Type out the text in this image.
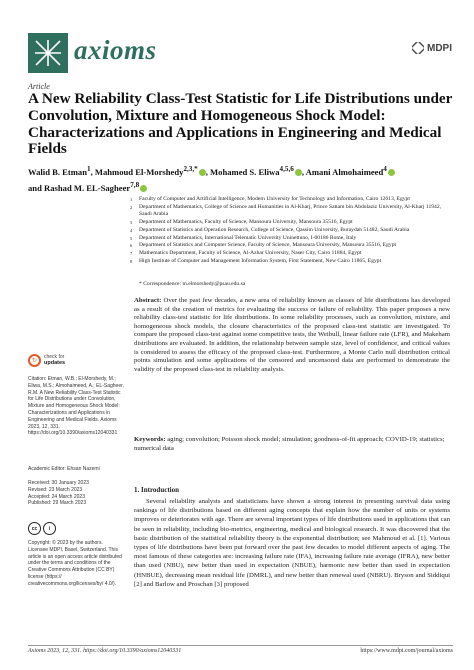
axioms	MDPI
Article
A New Reliability Class-Test Statistic for Life Distributions under Convolution, Mixture and Homogeneous Shock Model: Characterizations and Applications in Engineering and Medical Fields
Walid B. Etman$^1$, Mahmoud El-Morshedy$^{2,3,*}$ , Mohamed S. Eliwa$^{4,5,6}$ , Amani Almohaimeed$^4$
and Rashad M. EL-Sagheer$^{7,8}$
1	Faculty of Computer and Artificial Intelligence, Modern University for Technology and Information, Cairo 12613, Egypt
2	Department of Mathematics, College of Science and Humanities in Al-Kharj, Prince Sattam bin Abdulaziz University, Al-Kharj 11942, Saudi Arabia
3	Department of Mathematics, Faculty of Science, Mansoura University, Mansoura 35516, Egypt
4	Department of Statistics and Operation Research, College of Science, Qassim University, Buraydah 51482, Saudi Arabia
5	Department of Mathematics, International Telematic University Uninettuno, I-00186 Rome, Italy
6	Department of Statistics and Computer Science, Faculty of Science, Mansoura University, Mansoura 35516, Egypt
7	Mathematics Department, Faculty of Science, Al-Azhar University, Naser City, Cairo 11884, Egypt
8	High Institute of Computer and Management Information System, First Statement, New Cairo 11865, Egypt
* Correspondence: m.elmorshedy@psau.edu.sa
Abstract: Over the past few decades, a new area of reliability known as classes of life distributions has developed as a result of the creation of metrics for evaluating the success or failure of reliability. This paper proposes a new reliability class-test statistic for life distributions. In some reliability processes, such as convolution, mixture, and homogeneous shock models, the closure characteristics of the proposed class-test statistic are investigated. To compare the proposed class-test against some competitive tests, the Weibull, linear failure rate (LFR), and Makeham distributions are evaluated. In addition, the relationship between sample size, level of confidence, and critical values is considered to assess the efficacy of the proposed class-test. Furthermore, a Monte Carlo null distribution critical points simulation and some applications of the censored and uncensored data are performed to demonstrate the validity of the proposed class-test in reliability analysis.
Keywords: aging; convolution; Poisson shock model; simulation; goodness-of-fit approach; COVID-19; statistics; numerical data
↻
check for
updates
Citation: Etman, W.B.; El-Morshedy, M.; Eliwa, M.S.; Almohaimeed, A.; EL-Sagheer, R.M. A New Reliability Class-Test Statistic for Life Distributions under Convolution, Mixture and Homogeneous Shock Model: Characterizations and Applications in Engineering and Medical Fields. Axioms 2023, 12, 331. https://doi.org/10.3390/axioms12040331
Academic Editor: Ehsan Nazemi
Received: 30 January 2023
Revised: 23 March 2023
Accepted: 24 March 2023
Published: 29 March 2023
cc	i
Copyright: © 2023 by the authors. Licensee MDPI, Basel, Switzerland. This article is an open access article distributed under the terms and conditions of the Creative Commons Attribution (CC BY) license (https:// creativecommons.org/licenses/by/ 4.0/).
1. Introduction
Several reliability analysts and statisticians have shown a strong interest in presenting survival data using rankings of life distributions based on different aging concepts that explain how the number of units or systems improves or deteriorates with age. There are several important types of life distributions used in applications that can be seen in reliability, including bio-metrics, engineering, medical and biological research. It was discovered that the basic distribution of the statistical reliability theory is the exponential distribution; see Mahmoud et al. [1]. Various types of life distributions have been put forward over the past few decades to model different aspects of aging. The most famous of these categories are: increasing failure rate (IFA), increasing failure rate average (IFRA), new better than used (NBU), new better than used in expectation (NBUE), harmonic new better than used in expectation (HNBUE), decreasing mean residual life (DMRL), and new better than renewal used (NBRU). Bryson and Siddiqui [2] and Barlow and Proschan [3] proposed
Axioms 2023, 12, 331. https://doi.org/10.3390/axioms12040331	https://www.mdpi.com/journal/axioms
